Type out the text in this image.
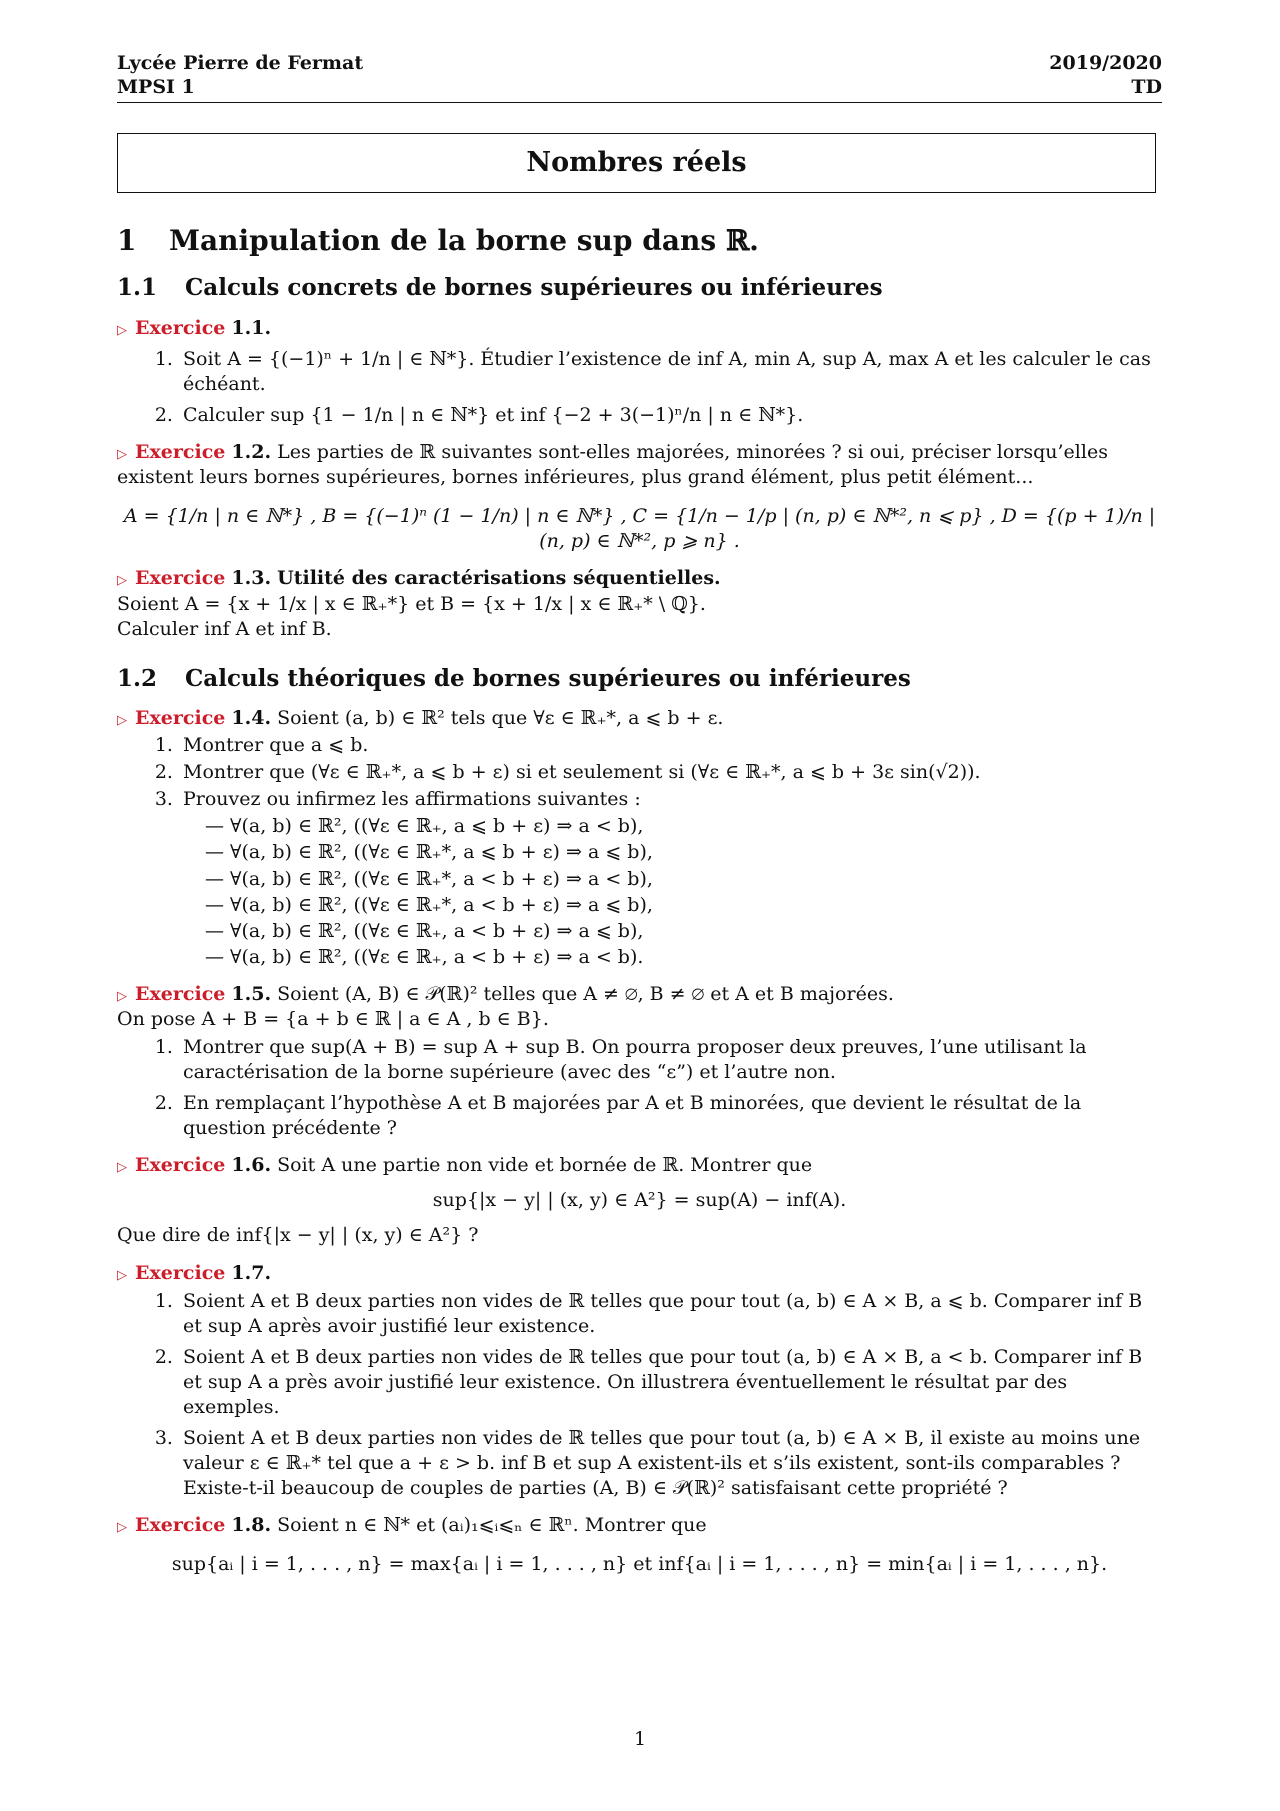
Lycée Pierre de Fermat
MPSI 1
2019/2020
TD
Nombres réels
1 Manipulation de la borne sup dans ℝ.
1.1 Calculs concrets de bornes supérieures ou inférieures
▷ Exercice 1.1.
1. Soit A = {(−1)ⁿ + 1/n | ∈ ℕ*}. Étudier l’existence de inf A, min A, sup A, max A et les calculer le cas échéant.
2. Calculer sup {1 − 1/n | n ∈ ℕ*} et inf {−2 + 3(−1)ⁿ/n | n ∈ ℕ*}.
▷ Exercice 1.2. Les parties de ℝ suivantes sont-elles majorées, minorées ? si oui, préciser lorsqu’elles existent leurs bornes supérieures, bornes inférieures, plus grand élément, plus petit élément...
A = {1/n | n ∈ ℕ*} , B = {(−1)ⁿ (1 − 1/n) | n ∈ ℕ*} , C = {1/n − 1/p | (n, p) ∈ ℕ*², n ⩽ p} , D = {(p + 1)/n | (n, p) ∈ ℕ*², p ⩾ n} .
▷ Exercice 1.3. Utilité des caractérisations séquentielles.
Soient A = {x + 1/x | x ∈ ℝ₊*} et B = {x + 1/x | x ∈ ℝ₊* \ ℚ}.
Calculer inf A et inf B.
1.2 Calculs théoriques de bornes supérieures ou inférieures
▷ Exercice 1.4. Soient (a, b) ∈ ℝ² tels que ∀ε ∈ ℝ₊*, a ⩽ b + ε.
1. Montrer que a ⩽ b.
2. Montrer que (∀ε ∈ ℝ₊*, a ⩽ b + ε) si et seulement si (∀ε ∈ ℝ₊*, a ⩽ b + 3ε sin(√2)).
3. Prouvez ou infirmez les affirmations suivantes :
— ∀(a, b) ∈ ℝ², ((∀ε ∈ ℝ₊, a ⩽ b + ε) ⇒ a < b),
— ∀(a, b) ∈ ℝ², ((∀ε ∈ ℝ₊*, a ⩽ b + ε) ⇒ a ⩽ b),
— ∀(a, b) ∈ ℝ², ((∀ε ∈ ℝ₊*, a < b + ε) ⇒ a < b),
— ∀(a, b) ∈ ℝ², ((∀ε ∈ ℝ₊*, a < b + ε) ⇒ a ⩽ b),
— ∀(a, b) ∈ ℝ², ((∀ε ∈ ℝ₊, a < b + ε) ⇒ a ⩽ b),
— ∀(a, b) ∈ ℝ², ((∀ε ∈ ℝ₊, a < b + ε) ⇒ a < b).
▷ Exercice 1.5. Soient (A, B) ∈ 𝒫(ℝ)² telles que A ≠ ∅, B ≠ ∅ et A et B majorées.
On pose A + B = {a + b ∈ ℝ | a ∈ A , b ∈ B}.
1. Montrer que sup(A + B) = sup A + sup B. On pourra proposer deux preuves, l’une utilisant la caractérisation de la borne supérieure (avec des “ε”) et l’autre non.
2. En remplaçant l’hypothèse A et B majorées par A et B minorées, que devient le résultat de la question précédente ?
▷ Exercice 1.6. Soit A une partie non vide et bornée de ℝ. Montrer que
sup{|x − y| | (x, y) ∈ A²} = sup(A) − inf(A).
Que dire de inf{|x − y| | (x, y) ∈ A²} ?
▷ Exercice 1.7.
1. Soient A et B deux parties non vides de ℝ telles que pour tout (a, b) ∈ A × B, a ⩽ b. Comparer inf B et sup A après avoir justifié leur existence.
2. Soient A et B deux parties non vides de ℝ telles que pour tout (a, b) ∈ A × B, a < b. Comparer inf B et sup A a près avoir justifié leur existence. On illustrera éventuellement le résultat par des exemples.
3. Soient A et B deux parties non vides de ℝ telles que pour tout (a, b) ∈ A × B, il existe au moins une valeur ε ∈ ℝ₊* tel que a + ε > b. inf B et sup A existent-ils et s’ils existent, sont-ils comparables ? Existe-t-il beaucoup de couples de parties (A, B) ∈ 𝒫(ℝ)² satisfaisant cette propriété ?
▷ Exercice 1.8. Soient n ∈ ℕ* et (aᵢ)₁⩽ᵢ⩽ₙ ∈ ℝⁿ. Montrer que
sup{aᵢ | i = 1, . . . , n} = max{aᵢ | i = 1, . . . , n} et inf{aᵢ | i = 1, . . . , n} = min{aᵢ | i = 1, . . . , n}.
1
